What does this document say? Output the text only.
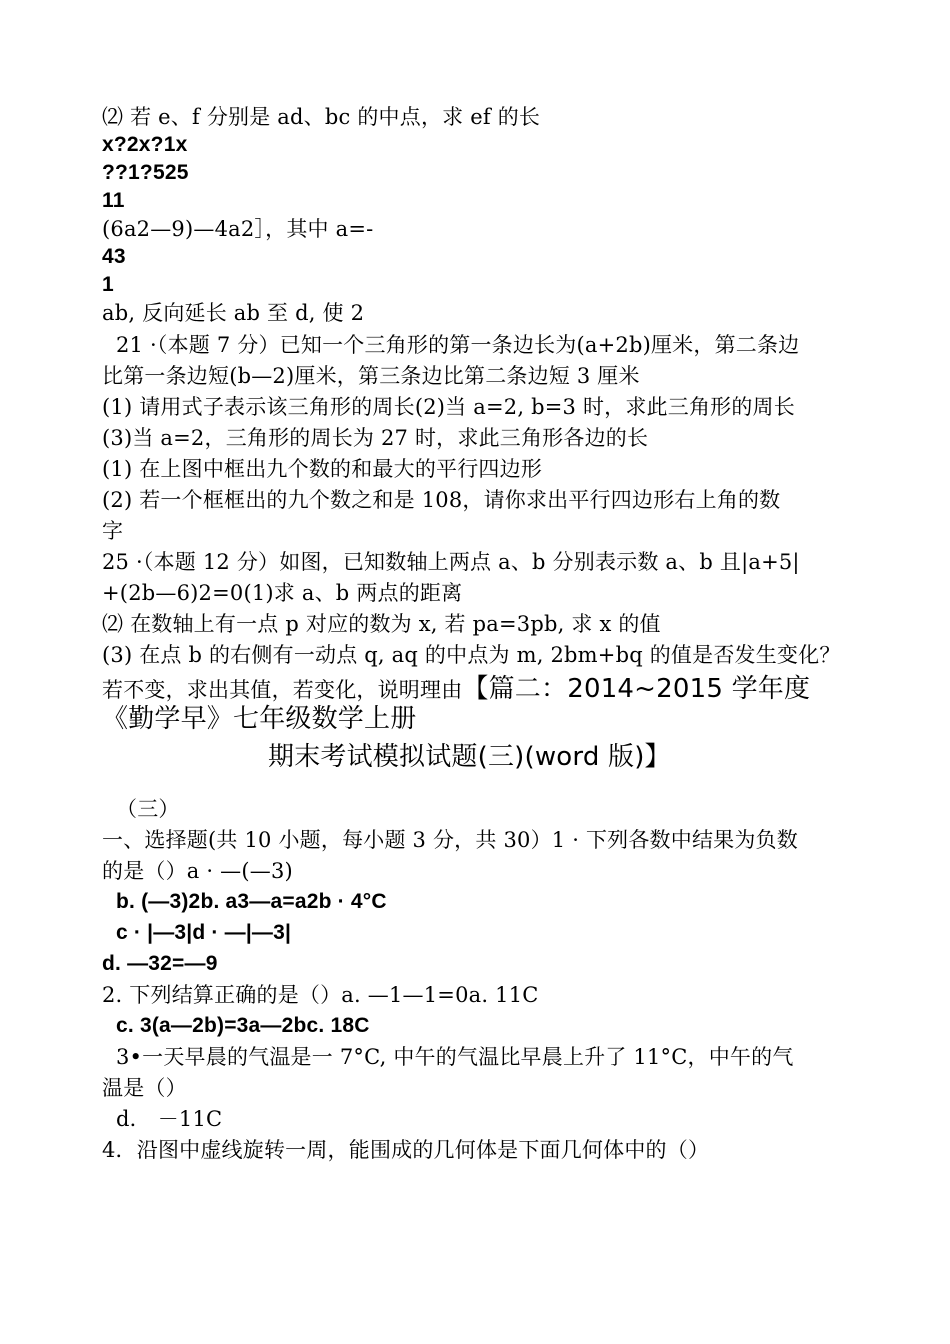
⑵ 若 e、f 分别是 ad、bc 的中点，求 ef 的长
x?2x?1x
??1?525
11
(6a2—9)—4a2］，其中 a=-
43
1
ab, 反向延长 ab 至 d, 使 2
21 ·（本题 7 分）已知一个三角形的第一条边长为(a+2b)厘米，第二条边
比第一条边短(b—2)厘米，第三条边比第二条边短 3 厘米
(1) 请用式子表示该三角形的周长(2)当 a=2, b=3 时，求此三角形的周长
(3)当 a=2，三角形的周长为 27 时，求此三角形各边的长
(1) 在上图中框出九个数的和最大的平行四边形
(2) 若一个框框出的九个数之和是 108，请你求出平行四边形右上角的数
字
25 ·（本题 12 分）如图，已知数轴上两点 a、b 分别表示数 a、b 且|a+5|
+(2b—6)2=0(1)求 a、b 两点的距离
⑵ 在数轴上有一点 p 对应的数为 x, 若 pa=3pb, 求 x 的值
(3) 在点 b 的右侧有一动点 q, aq 的中点为 m, 2bm+bq 的值是否发生变化？
若不变，求出其值，若变化，说明理由【篇二：2014~2015 学年度
《勤学早》七年级数学上册
期末考试模拟试题(三)(word 版)】
（三）
一、选择题(共 10 小题，每小题 3 分，共 30）1 · 下列各数中结果为负数
的是（）a · —(—3)
b. (—3)2b. a3—a=a2b · 4°C
c · |—3|d · —|—3|
d. —32=—9
2. 下列结算正确的是（）a. —1—1=0a. 11C
c. 3(a—2b)=3a—2bc. 18C
3•一天早晨的气温是一 7°C, 中午的气温比早晨上升了 11°C，中午的气
温是（）
d． －11C
4．沿图中虚线旋转一周，能围成的几何体是下面几何体中的（）
